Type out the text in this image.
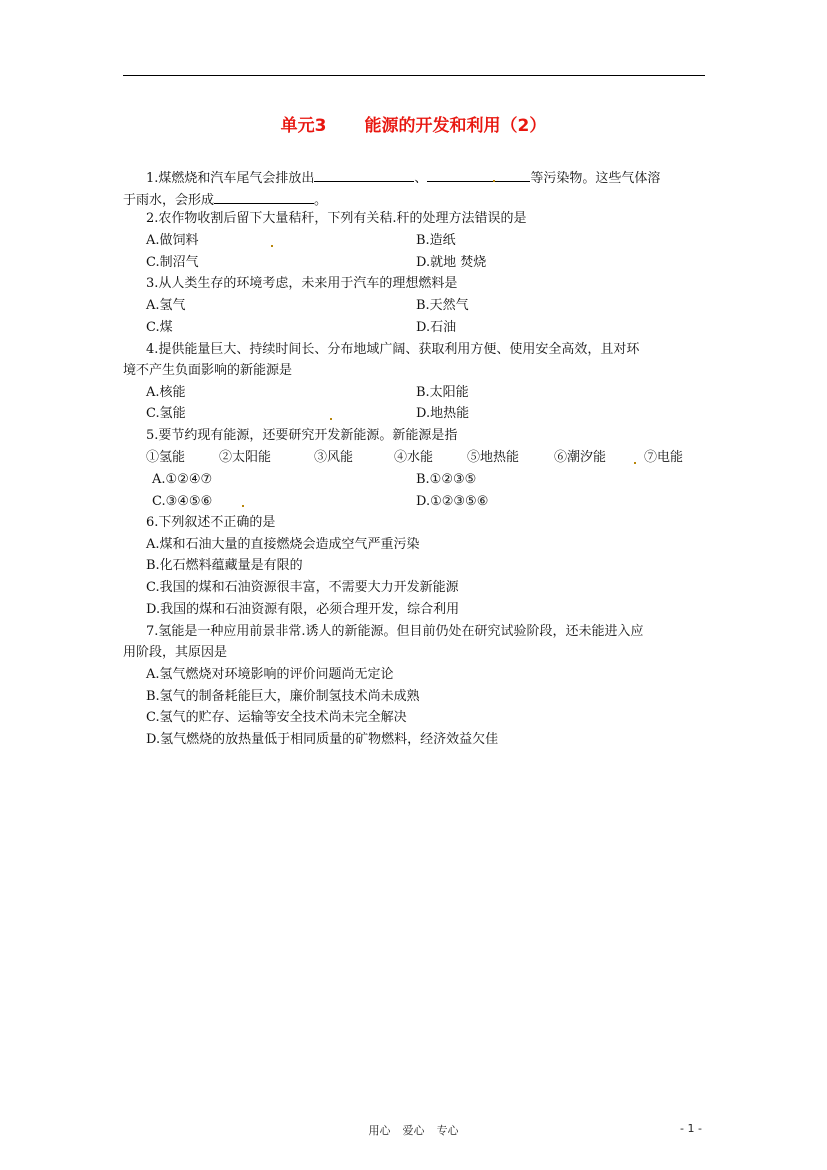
单元3 能源的开发和利用（2）
1.煤燃烧和汽车尾气会排放出	、	等污染物。这些气体溶
于雨水，会形成	。
2.农作物收割后留下大量秸秆，下列有关秸.秆的处理方法错误的是
A.做饲料	B.造纸
C.制沼气	D.就地 焚烧
3.从人类生存的环境考虑，未来用于汽车的理想燃料是
A.氢气	B.天然气
C.煤	D.石油
4.提供能量巨大、持续时间长、分布地域广阔、获取利用方便、使用安全高效，且对环
境不产生负面影响的新能源是
A.核能	B.太阳能
C.氢能	D.地热能
5.要节约现有能源，还要研究开发新能源。新能源是指
①氢能	②太阳能	③风能	④水能	⑤地热能	⑥潮汐能	⑦电能
A.①②④⑦	B.①②③⑤
C.③④⑤⑥	D.①②③⑤⑥
6.下列叙述不正确的是
A.煤和石油大量的直接燃烧会造成空气严重污染
B.化石燃料蕴藏量是有限的
C.我国的煤和石油资源很丰富，不需要大力开发新能源
D.我国的煤和石油资源有限，必须合理开发，综合利用
7.氢能是一种应用前景非常.诱人的新能源。但目前仍处在研究试验阶段，还未能进入应
用阶段，其原因是
A.氢气燃烧对环境影响的评价问题尚无定论
B.氢气的制备耗能巨大，廉价制氢技术尚未成熟
C.氢气的贮存、运输等安全技术尚未完全解决
D.氢气燃烧的放热量低于相同质量的矿物燃料，经济效益欠佳
用心 爱心 专心	- 1 -
